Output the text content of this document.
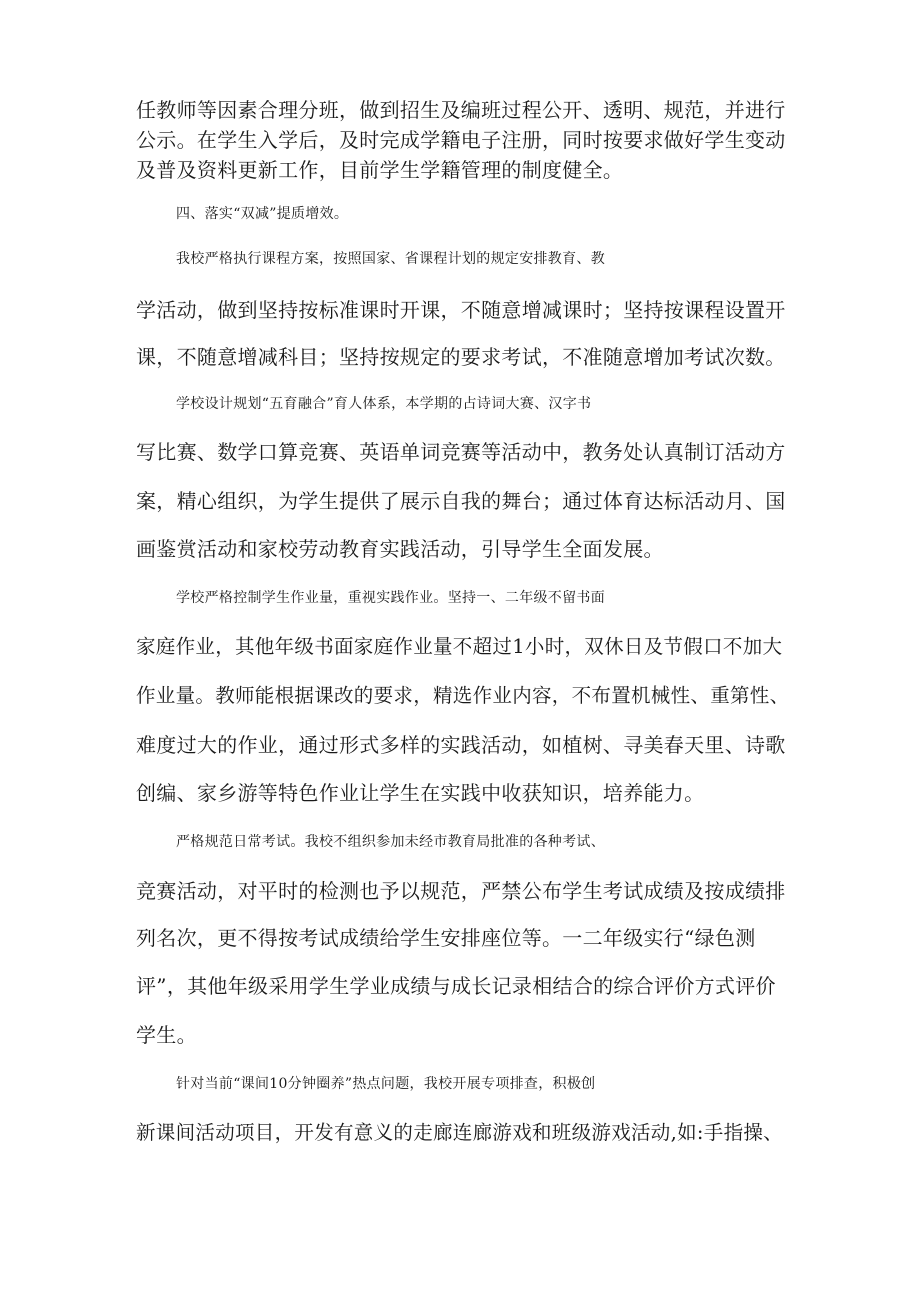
任教师等因素合理分班，做到招生及编班过程公开、透明、规范，并进行
公示。在学生入学后，及时完成学籍电子注册，同时按要求做好学生变动
及普及资料更新工作，目前学生学籍管理的制度健全。
四、落实“双减”提质增效。
我校严格执行课程方案，按照国家、省课程计划的规定安排教育、教
学活动，做到坚持按标准课时开课，不随意增减课时；坚持按课程设置开
课，不随意增减科目；坚持按规定的要求考试，不准随意增加考试次数。
学校设计规划“五育融合”育人体系，本学期的占诗词大赛、汉字书
写比赛、数学口算竞赛、英语单词竞赛等活动中，教务处认真制订活动方
案，精心组织，为学生提供了展示自我的舞台；通过体育达标活动月、国
画鉴赏活动和家校劳动教育实践活动，引导学生全面发展。
学校严格控制学生作业量，重视实践作业。坚持一、二年级不留书面
家庭作业，其他年级书面家庭作业量不超过1小时，双休日及节假口不加大
作业量。教师能根据课改的要求，精选作业内容，不布置机械性、重第性、
难度过大的作业，通过形式多样的实践活动，如植树、寻美春天里、诗歌
创编、家乡游等特色作业让学生在实践中收获知识，培养能力。
严格规范日常考试。我校不组织参加未经市教育局批准的各种考试、
竞赛活动，对平时的检测也予以规范，严禁公布学生考试成绩及按成绩排
列名次，更不得按考试成绩给学生安排座位等。一二年级实行“绿色测
评”，其他年级采用学生学业成绩与成长记录相结合的综合评价方式评价
学生。
针对当前“课间10分钟圈养”热点问题，我校开展专项排查，积极创
新课间活动项目，开发有意义的走廊连廊游戏和班级游戏活动,如:手指操、
